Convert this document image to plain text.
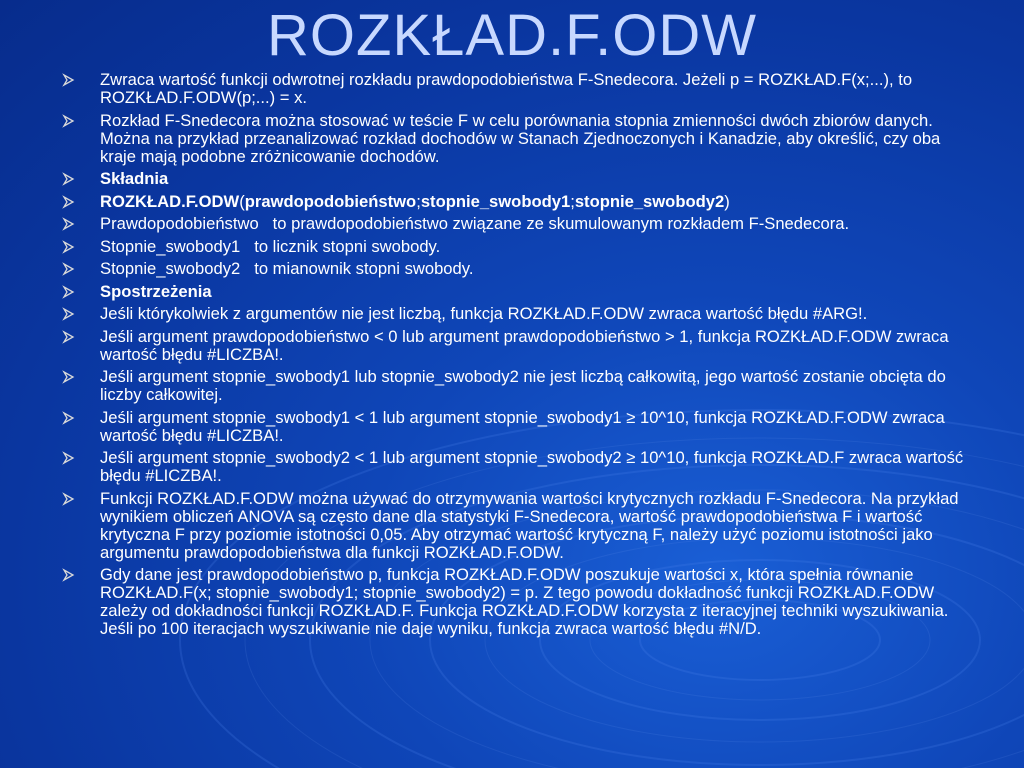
ROZKŁAD.F.ODW
Zwraca wartość funkcji odwrotnej rozkładu prawdopodobieństwa F-Snedecora. Jeżeli p = ROZKŁAD.F(x;...), to ROZKŁAD.F.ODW(p;...) = x.
Rozkład F-Snedecora można stosować w teście F w celu porównania stopnia zmienności dwóch zbiorów danych. Można na przykład przeanalizować rozkład dochodów w Stanach Zjednoczonych i Kanadzie, aby określić, czy oba kraje mają podobne zróżnicowanie dochodów.
Składnia
ROZKŁAD.F.ODW(prawdopodobieństwo;stopnie_swobody1;stopnie_swobody2)
Prawdopodobieństwo to prawdopodobieństwo związane ze skumulowanym rozkładem F-Snedecora.
Stopnie_swobody1 to licznik stopni swobody.
Stopnie_swobody2 to mianownik stopni swobody.
Spostrzeżenia
Jeśli którykolwiek z argumentów nie jest liczbą, funkcja ROZKŁAD.F.ODW zwraca wartość błędu #ARG!.
Jeśli argument prawdopodobieństwo < 0 lub argument prawdopodobieństwo > 1, funkcja ROZKŁAD.F.ODW zwraca wartość błędu #LICZBA!.
Jeśli argument stopnie_swobody1 lub stopnie_swobody2 nie jest liczbą całkowitą, jego wartość zostanie obcięta do liczby całkowitej.
Jeśli argument stopnie_swobody1 < 1 lub argument stopnie_swobody1 ≥ 10^10, funkcja ROZKŁAD.F.ODW zwraca wartość błędu #LICZBA!.
Jeśli argument stopnie_swobody2 < 1 lub argument stopnie_swobody2 ≥ 10^10, funkcja ROZKŁAD.F zwraca wartość błędu #LICZBA!.
Funkcji ROZKŁAD.F.ODW można używać do otrzymywania wartości krytycznych rozkładu F-Snedecora. Na przykład wynikiem obliczeń ANOVA są często dane dla statystyki F-Snedecora, wartość prawdopodobieństwa F i wartość krytyczna F przy poziomie istotności 0,05. Aby otrzymać wartość krytyczną F, należy użyć poziomu istotności jako argumentu prawdopodobieństwa dla funkcji ROZKŁAD.F.ODW.
Gdy dane jest prawdopodobieństwo p, funkcja ROZKŁAD.F.ODW poszukuje wartości x, która spełnia równanie ROZKŁAD.F(x; stopnie_swobody1; stopnie_swobody2) = p. Z tego powodu dokładność funkcji ROZKŁAD.F.ODW zależy od dokładności funkcji ROZKŁAD.F. Funkcja ROZKŁAD.F.ODW korzysta z iteracyjnej techniki wyszukiwania. Jeśli po 100 iteracjach wyszukiwanie nie daje wyniku, funkcja zwraca wartość błędu #N/D.
